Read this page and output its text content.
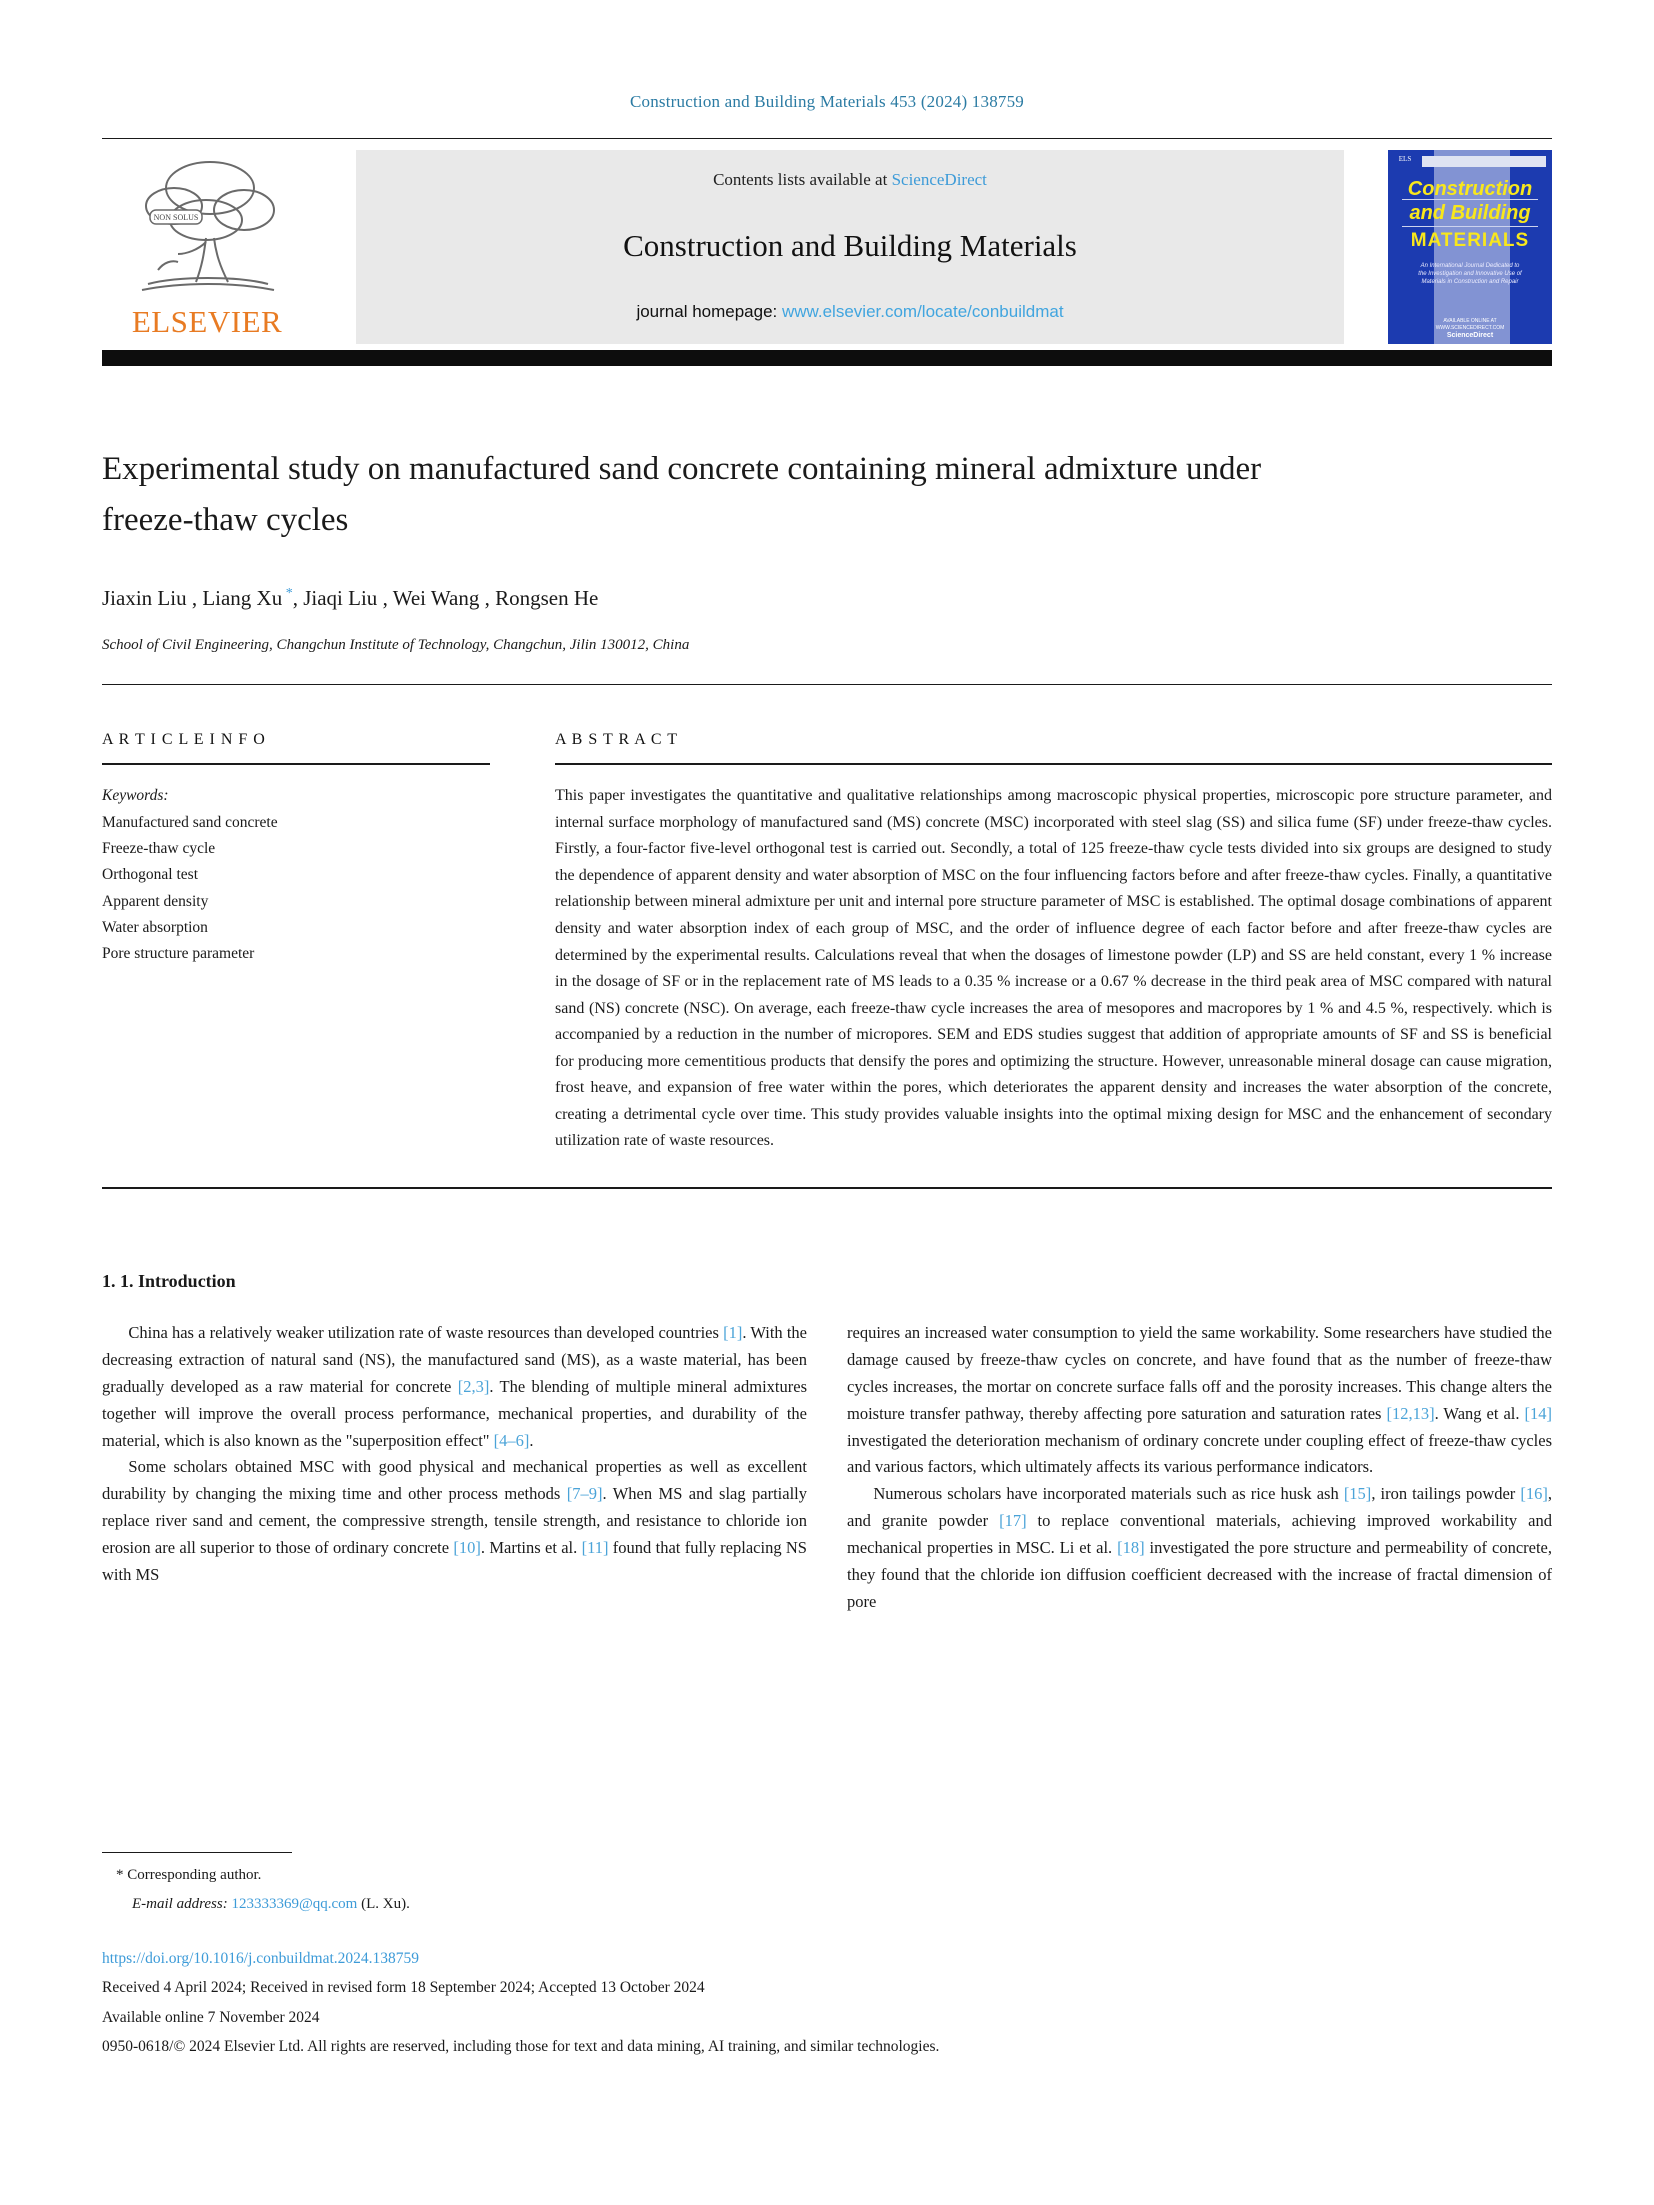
Construction and Building Materials 453 (2024) 138759
NON SOLUS
ELSEVIER
Contents lists available at ScienceDirect
Construction and Building Materials
journal homepage: www.elsevier.com/locate/conbuildmat
ELS
Construction
and Building
MATERIALS
An International Journal Dedicated to the Investigation and Innovative Use of Materials in Construction and Repair
AVAILABLE ONLINE AT WWW.SCIENCEDIRECT.COM
ScienceDirect
Experimental study on manufactured sand concrete containing mineral admixture under freeze-thaw cycles
Jiaxin Liu , Liang Xu *, Jiaqi Liu , Wei Wang , Rongsen He
School of Civil Engineering, Changchun Institute of Technology, Changchun, Jilin 130012, China
A R T I C L E I N F O
Keywords:
Manufactured sand concrete
Freeze-thaw cycle
Orthogonal test
Apparent density
Water absorption
Pore structure parameter
A B S T R A C T

This paper investigates the quantitative and qualitative relationships among macroscopic physical properties, microscopic pore structure parameter, and internal surface morphology of manufactured sand (MS) concrete (MSC) incorporated with steel slag (SS) and silica fume (SF) under freeze-thaw cycles. Firstly, a four-factor five-level orthogonal test is carried out. Secondly, a total of 125 freeze-thaw cycle tests divided into six groups are designed to study the dependence of apparent density and water absorption of MSC on the four influencing factors before and after freeze-thaw cycles. Finally, a quantitative relationship between mineral admixture per unit and internal pore structure parameter of MSC is established. The optimal dosage combinations of apparent density and water absorption index of each group of MSC, and the order of influence degree of each factor before and after freeze-thaw cycles are determined by the experimental results. Calculations reveal that when the dosages of limestone powder (LP) and SS are held constant, every 1 % increase in the dosage of SF or in the replacement rate of MS leads to a 0.35 % increase or a 0.67 % decrease in the third peak area of MSC compared with natural sand (NS) concrete (NSC). On average, each freeze-thaw cycle increases the area of mesopores and macropores by 1 % and 4.5 %, respectively. which is accompanied by a reduction in the number of micropores. SEM and EDS studies suggest that addition of appropriate amounts of SF and SS is beneficial for producing more cementitious products that densify the pores and optimizing the structure. However, unreasonable mineral dosage can cause migration, frost heave, and expansion of free water within the pores, which deteriorates the apparent density and increases the water absorption of the concrete, creating a detrimental cycle over time. This study provides valuable insights into the optimal mixing design for MSC and the enhancement of secondary utilization rate of waste resources.

1. 1. Introduction

China has a relatively weaker utilization rate of waste resources than developed countries [1]. With the decreasing extraction of natural sand (NS), the manufactured sand (MS), as a waste material, has been gradually developed as a raw material for concrete [2,3]. The blending of multiple mineral admixtures together will improve the overall process performance, mechanical properties, and durability of the material, which is also known as the "superposition effect" [4–6].

Some scholars obtained MSC with good physical and mechanical properties as well as excellent durability by changing the mixing time and other process methods [7–9]. When MS and slag partially replace river sand and cement, the compressive strength, tensile strength, and resistance to chloride ion erosion are all superior to those of ordinary concrete [10]. Martins et al. [11] found that fully replacing NS with MS

requires an increased water consumption to yield the same workability. Some researchers have studied the damage caused by freeze-thaw cycles on concrete, and have found that as the number of freeze-thaw cycles increases, the mortar on concrete surface falls off and the porosity increases. This change alters the moisture transfer pathway, thereby affecting pore saturation and saturation rates [12,13]. Wang et al. [14] investigated the deterioration mechanism of ordinary concrete under coupling effect of freeze-thaw cycles and various factors, which ultimately affects its various performance indicators.

Numerous scholars have incorporated materials such as rice husk ash [15], iron tailings powder [16], and granite powder [17] to replace conventional materials, achieving improved workability and mechanical properties in MSC. Li et al. [18] investigated the pore structure and permeability of concrete, they found that the chloride ion diffusion coefficient decreased with the increase of fractal dimension of pore

* Corresponding author.
E-mail address: 123333369@qq.com (L. Xu).
https://doi.org/10.1016/j.conbuildmat.2024.138759
Received 4 April 2024; Received in revised form 18 September 2024; Accepted 13 October 2024
Available online 7 November 2024
0950-0618/© 2024 Elsevier Ltd. All rights are reserved, including those for text and data mining, AI training, and similar technologies.
